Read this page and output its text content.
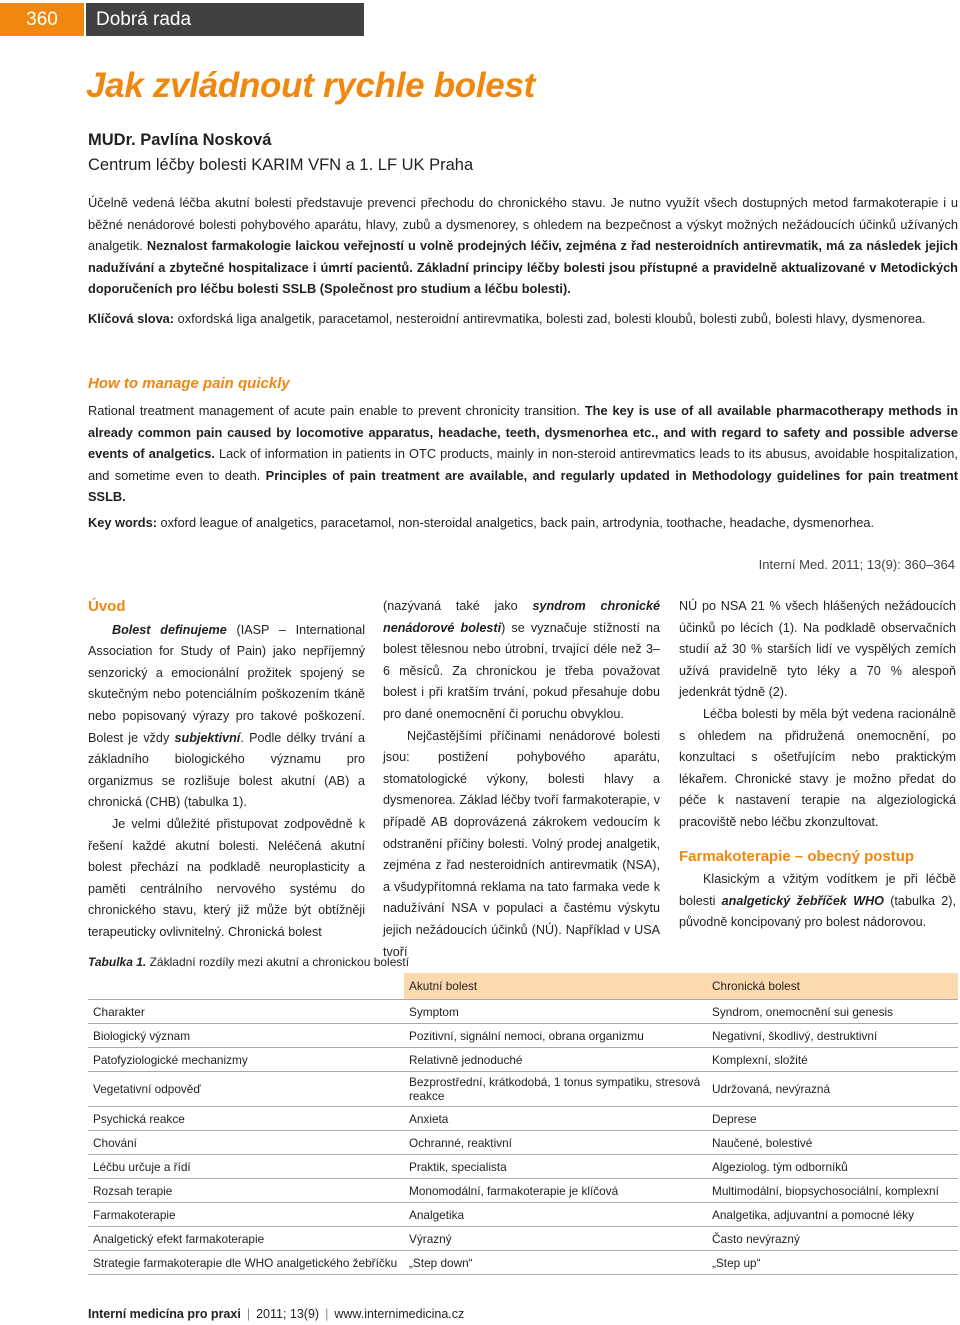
360	Dobrá rada
Jak zvládnout rychle bolest
MUDr. Pavlína Nosková
Centrum léčby bolesti KARIM VFN a 1. LF UK Praha

Účelně vedená léčba akutní bolesti představuje prevenci přechodu do chronického stavu. Je nutno využít všech dostupných metod farmakoterapie i u běžné nenádorové bolesti pohybového aparátu, hlavy, zubů a dysmenorey, s ohledem na bezpečnost a výskyt možných nežádoucích účinků užívaných analgetik. Neznalost farmakologie laickou veřejností u volně prodejných léčiv, zejména z řad nesteroidních antirevmatik, má za následek jejich nadužívání a zbytečné hospitalizace i úmrtí pacientů. Základní principy léčby bolesti jsou přístupné a pravidelně aktualizované v Metodických doporučeních pro léčbu bolesti SSLB (Společnost pro studium a léčbu bolesti).

Klíčová slova: oxfordská liga analgetik, paracetamol, nesteroidní antirevmatika, bolesti zad, bolesti kloubů, bolesti zubů, bolesti hlavy, dysmenorea.

How to manage pain quickly

Rational treatment management of acute pain enable to prevent chronicity transition. The key is use of all available pharmacotherapy methods in already common pain caused by locomotive apparatus, headache, teeth, dysmenorhea etc., and with regard to safety and possible adverse events of analgetics. Lack of information in patients in OTC products, mainly in non-steroid antirevmatics leads to its abusus, avoidable hospitalization, and sometime even to death. Principles of pain treatment are available, and regularly updated in Methodology guidelines for pain treatment SSLB.

Key words: oxford league of analgetics, paracetamol, non-steroidal analgetics, back pain, artrodynia, toothache, headache, dysmenorhea.

Interní Med. 2011; 13(9): 360–364
Úvod

Bolest definujeme (IASP – International Association for Study of Pain) jako nepříjemný senzorický a emocionální prožitek spojený se skutečným nebo potenciálním poškozením tkáně nebo popisovaný výrazy pro takové poškození. Bolest je vždy subjektivní. Podle délky trvání a základního biologického významu pro organizmus se rozlišuje bolest akutní (AB) a chronická (CHB) (tabulka 1).

Je velmi důležité přistupovat zodpovědně k řešení každé akutní bolesti. Neléčená akutní bolest přechází na podkladě neuroplasticity a paměti centrálního nervového systému do chronického stavu, který již může být obtížněji terapeuticky ovlivnitelný. Chronická bolest

(nazývaná také jako syndrom chronické nenádorové bolesti) se vyznačuje stížností na bolest tělesnou nebo útrobní, trvající déle než 3–6 měsíců. Za chronickou je třeba považovat bolest i při kratším trvání, pokud přesahuje dobu pro dané onemocnění či poruchu obvyklou.

Nejčastějšími příčinami nenádorové bolesti jsou: postižení pohybového aparátu, stomatologické výkony, bolesti hlavy a dysmenorea. Základ léčby tvoří farmakoterapie, v případě AB doprovázená zákrokem vedoucím k odstranění příčiny bolesti. Volný prodej analgetik, zejména z řad nesteroidních antirevmatik (NSA), a všudypřítomná reklama na tato farmaka vede k nadužívání NSA v populaci a častému výskytu jejich nežádoucích účinků (NÚ). Například v USA tvoří

NÚ po NSA 21 % všech hlášených nežádoucích účinků po lécích (1). Na podkladě observačních studií až 30 % starších lidí ve vyspělých zemích užívá pravidelně tyto léky a 70 % alespoň jedenkrát týdně (2).

Léčba bolesti by měla být vedena racionálně s ohledem na přidružená onemocnění, po konzultaci s ošetřujícím nebo praktickým lékařem. Chronické stavy je možno předat do péče k nastavení terapie na algeziologická pracoviště nebo léčbu zkonzultovat.

Farmakoterapie – obecný postup

Klasickým a vžitým vodítkem je při léčbě bolesti analgetický žebříček WHO (tabulka 2), původně koncipovaný pro bolest nádorovou.

Tabulka 1. Základní rozdíly mezi akutní a chronickou bolestí
	Akutní bolest	Chronická bolest
Charakter	Symptom	Syndrom, onemocnění sui genesis
Biologický význam	Pozitivní, signální nemoci, obrana organizmu	Negativní, škodlivý, destruktivní
Patofyziologické mechanizmy	Relativně jednoduché	Komplexní, složité
Vegetativní odpověď	Bezprostřední, krátkodobá, 1 tonus sympatiku, stresová reakce	Udržovaná, nevýrazná
Psychická reakce	Anxieta	Deprese
Chování	Ochranné, reaktivní	Naučené, bolestivé
Léčbu určuje a řídí	Praktik, specialista	Algeziolog. tým odborníků
Rozsah terapie	Monomodální, farmakoterapie je klíčová	Multimodální, biopsychosociální, komplexní
Farmakoterapie	Analgetika	Analgetika, adjuvantní a pomocné léky
Analgetický efekt farmakoterapie	Výrazný	Často nevýrazný
Strategie farmakoterapie dle WHO analgetického žebříčku	„Step down“	„Step up“
Interní medicína pro praxi | 2011; 13(9) | www.internimedicina.cz
